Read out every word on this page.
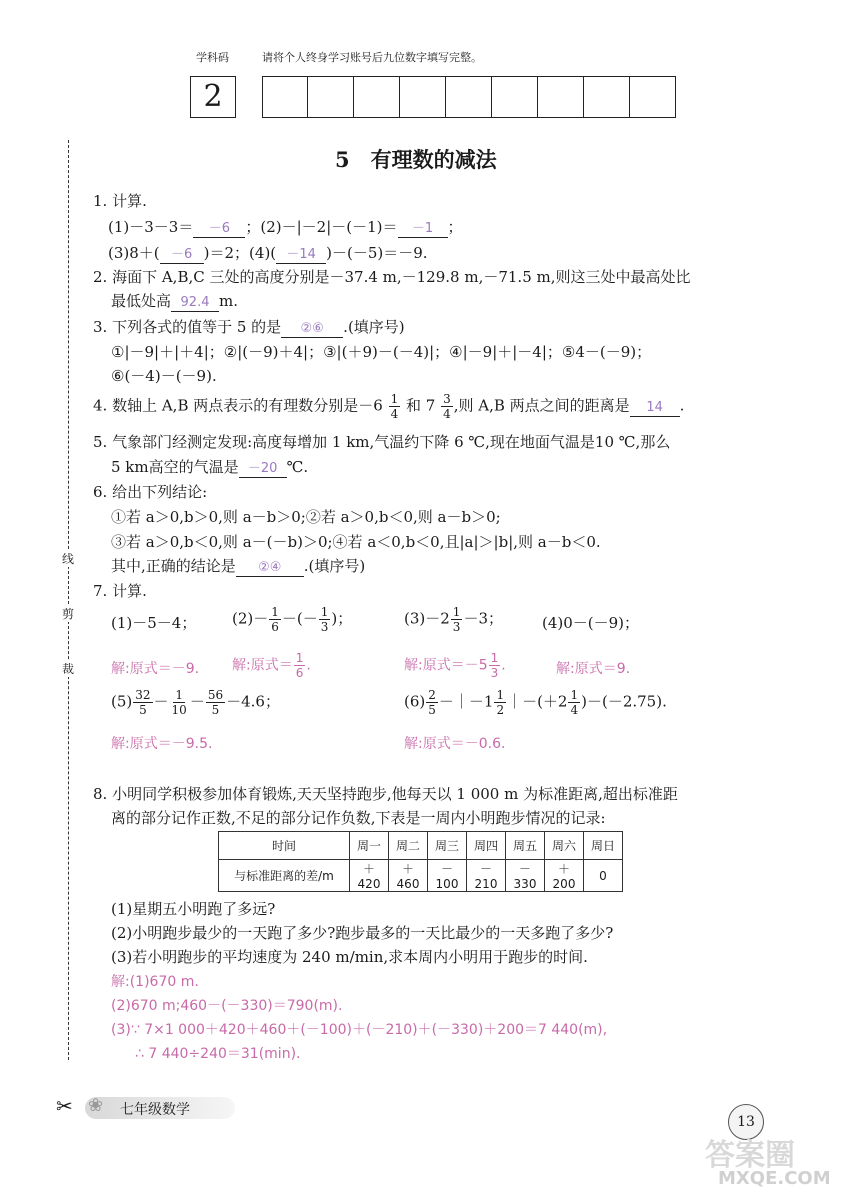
学科码	请将个人终身学习账号后九位数字填写完整。
2
线
剪
裁
✂
5　有理数的减法
1. 计算.
(1)－3－3＝ －6 ；(2)－|－2|－(－1)＝ －1 ；
(3)8＋( －6 )＝2；(4)( －14 )－(－5)＝－9.
2. 海面下 A,B,C 三处的高度分别是－37.4 m,－129.8 m,－71.5 m,则这三处中最高处比
最低处高 92.4 m.
3. 下列各式的值等于 5 的是 ②⑥ .(填序号)
①|－9|＋|＋4|；②|(－9)＋4|；③|(＋9)－(－4)|；④|－9|＋|－4|；⑤4－(－9)；
⑥(－4)－(－9).
4. 数轴上 A,B 两点表示的有理数分别是$-6 \frac{1}{4}$ 和 $7 \frac{3}{4}$ ,则 A,B 两点之间的距离是 14 .
5. 气象部门经测定发现:高度每增加 1 km,气温约下降 6 ℃,现在地面气温是10 ℃,那么
5 km高空的气温是 －20 ℃.
6. 给出下列结论:
①若 a＞0,b＞0,则 a－b＞0;②若 a＞0,b＜0,则 a－b＞0;
③若 a＞0,b＜0,则 a－(－b)＞0;④若 a＜0,b＜0,且|a|＞|b|,则 a－b＜0.
其中,正确的结论是 ②④ .(填序号)
7. 计算.
(1)－5－4； $(2)- \frac{1}{6}$ －(－ $\frac{1}{3}$ )；	$(3)-2 \frac{1}{3} -3$；	(4)0－(－9)；
解:原式＝－9. 解:原式＝ $\frac{1}{6}$ .	解:原式$=-5 \frac{1}{3}$ .	解:原式＝9.
$(5) \frac{32}{5} - \frac{1}{10} - \frac{56}{5} -4.6$；	$(6) \frac{2}{5}$ －｜－1 $\frac{1}{2}$ ｜－(＋2 $\frac{1}{4} )-(-2.75)$.
解:原式＝－9.5.	解:原式＝－0.6.
8. 小明同学积极参加体育锻炼,天天坚持跑步,他每天以 1 000 m 为标准距离,超出标准距
离的部分记作正数,不足的部分记作负数,下表是一周内小明跑步情况的记录:
时间	周一	周二	周三	周四	周五	周六	周日
与标准距离的差/m	＋420	＋460	－100	－210	－330	＋200	0
(1)星期五小明跑了多远?
(2)小明跑步最少的一天跑了多少?跑步最多的一天比最少的一天多跑了多少?
(3)若小明跑步的平均速度为 240 m/min,求本周内小明用于跑步的时间.
解:(1)670 m.
(2)670 m;460－(－330)＝790(m).
(3)∵ 7×1 000＋420＋460＋(－100)＋(－210)＋(－330)＋200＝7 440(m),
∴ 7 440÷240＝31(min).
❀ 七年级数学
13
答案圈
MXQE.COM
